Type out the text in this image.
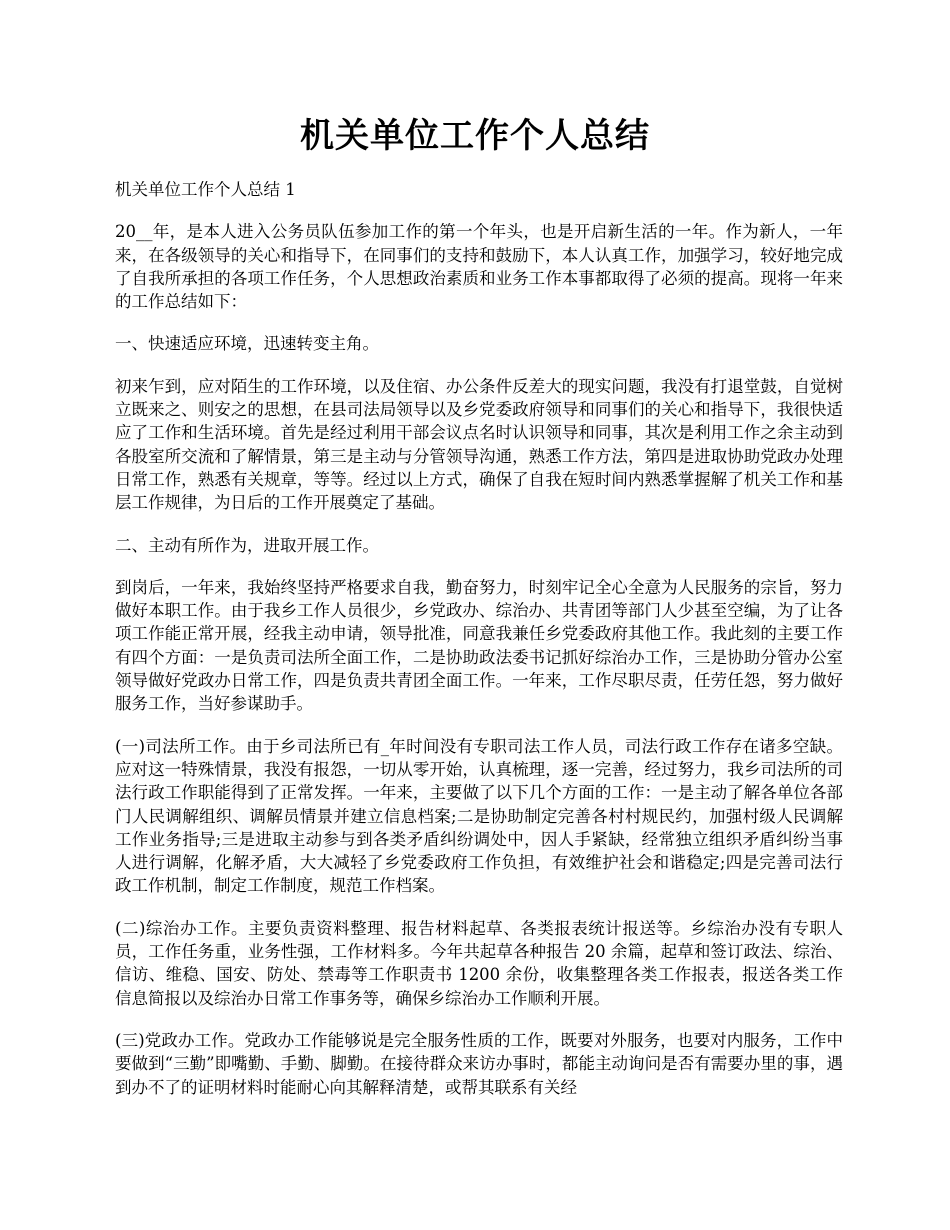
机关单位工作个人总结

机关单位工作个人总结 1

20__年，是本人进入公务员队伍参加工作的第一个年头，也是开启新生活的一年。作为新人，一年来，在各级领导的关心和指导下，在同事们的支持和鼓励下，本人认真工作，加强学习，较好地完成了自我所承担的各项工作任务，个人思想政治素质和业务工作本事都取得了必须的提高。现将一年来的工作总结如下：

一、快速适应环境，迅速转变主角。

初来乍到，应对陌生的工作环境，以及住宿、办公条件反差大的现实问题，我没有打退堂鼓，自觉树立既来之、则安之的思想，在县司法局领导以及乡党委政府领导和同事们的关心和指导下，我很快适应了工作和生活环境。首先是经过利用干部会议点名时认识领导和同事，其次是利用工作之余主动到各股室所交流和了解情景，第三是主动与分管领导沟通，熟悉工作方法，第四是进取协助党政办处理日常工作，熟悉有关规章，等等。经过以上方式，确保了自我在短时间内熟悉掌握解了机关工作和基层工作规律，为日后的工作开展奠定了基础。

二、主动有所作为，进取开展工作。

到岗后，一年来，我始终坚持严格要求自我，勤奋努力，时刻牢记全心全意为人民服务的宗旨，努力做好本职工作。由于我乡工作人员很少，乡党政办、综治办、共青团等部门人少甚至空编，为了让各项工作能正常开展，经我主动申请，领导批准，同意我兼任乡党委政府其他工作。我此刻的主要工作有四个方面：一是负责司法所全面工作，二是协助政法委书记抓好综治办工作，三是协助分管办公室领导做好党政办日常工作，四是负责共青团全面工作。一年来，工作尽职尽责，任劳任怨，努力做好服务工作，当好参谋助手。

(一)司法所工作。由于乡司法所已有_年时间没有专职司法工作人员，司法行政工作存在诸多空缺。应对这一特殊情景，我没有报怨，一切从零开始，认真梳理，逐一完善，经过努力，我乡司法所的司法行政工作职能得到了正常发挥。一年来，主要做了以下几个方面的工作：一是主动了解各单位各部门人民调解组织、调解员情景并建立信息档案;二是协助制定完善各村村规民约，加强村级人民调解工作业务指导;三是进取主动参与到各类矛盾纠纷调处中，因人手紧缺，经常独立组织矛盾纠纷当事人进行调解，化解矛盾，大大减轻了乡党委政府工作负担，有效维护社会和谐稳定;四是完善司法行政工作机制，制定工作制度，规范工作档案。

(二)综治办工作。主要负责资料整理、报告材料起草、各类报表统计报送等。乡综治办没有专职人员，工作任务重，业务性强，工作材料多。今年共起草各种报告 20 余篇，起草和签订政法、综治、信访、维稳、国安、防处、禁毒等工作职责书 1200 余份，收集整理各类工作报表，报送各类工作信息简报以及综治办日常工作事务等，确保乡综治办工作顺利开展。

(三)党政办工作。党政办工作能够说是完全服务性质的工作，既要对外服务，也要对内服务，工作中要做到“三勤”即嘴勤、手勤、脚勤。在接待群众来访办事时，都能主动询问是否有需要办里的事，遇到办不了的证明材料时能耐心向其解释清楚，或帮其联系有关经
